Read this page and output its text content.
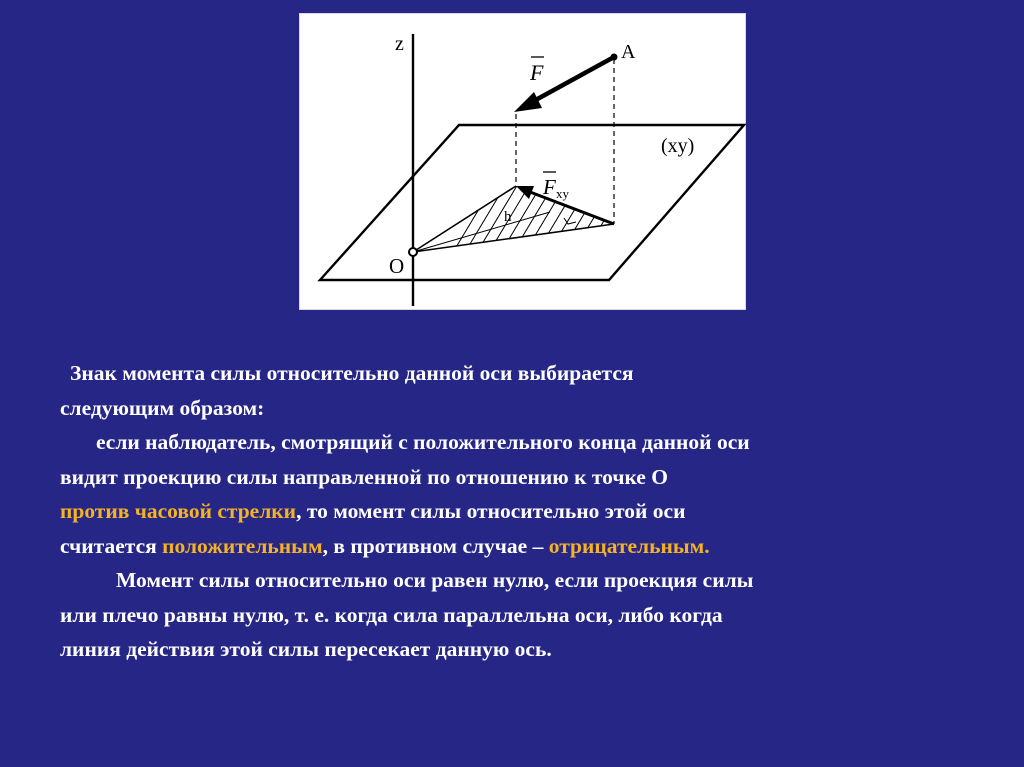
z	A
F
(xy)
F xy
h
O

Знак момента силы относительно данной оси выбирается

следующим образом:

если наблюдатель, смотрящий с положительного конца данной оси

видит проекцию силы направленной по отношению к точке О

против часовой стрелки, то момент силы относительно этой оси

считается положительным, в противном случае – отрицательным.

Момент силы относительно оси равен нулю, если проекция силы

или плечо равны нулю, т. е. когда сила параллельна оси, либо когда

линия действия этой силы пересекает данную ось.
